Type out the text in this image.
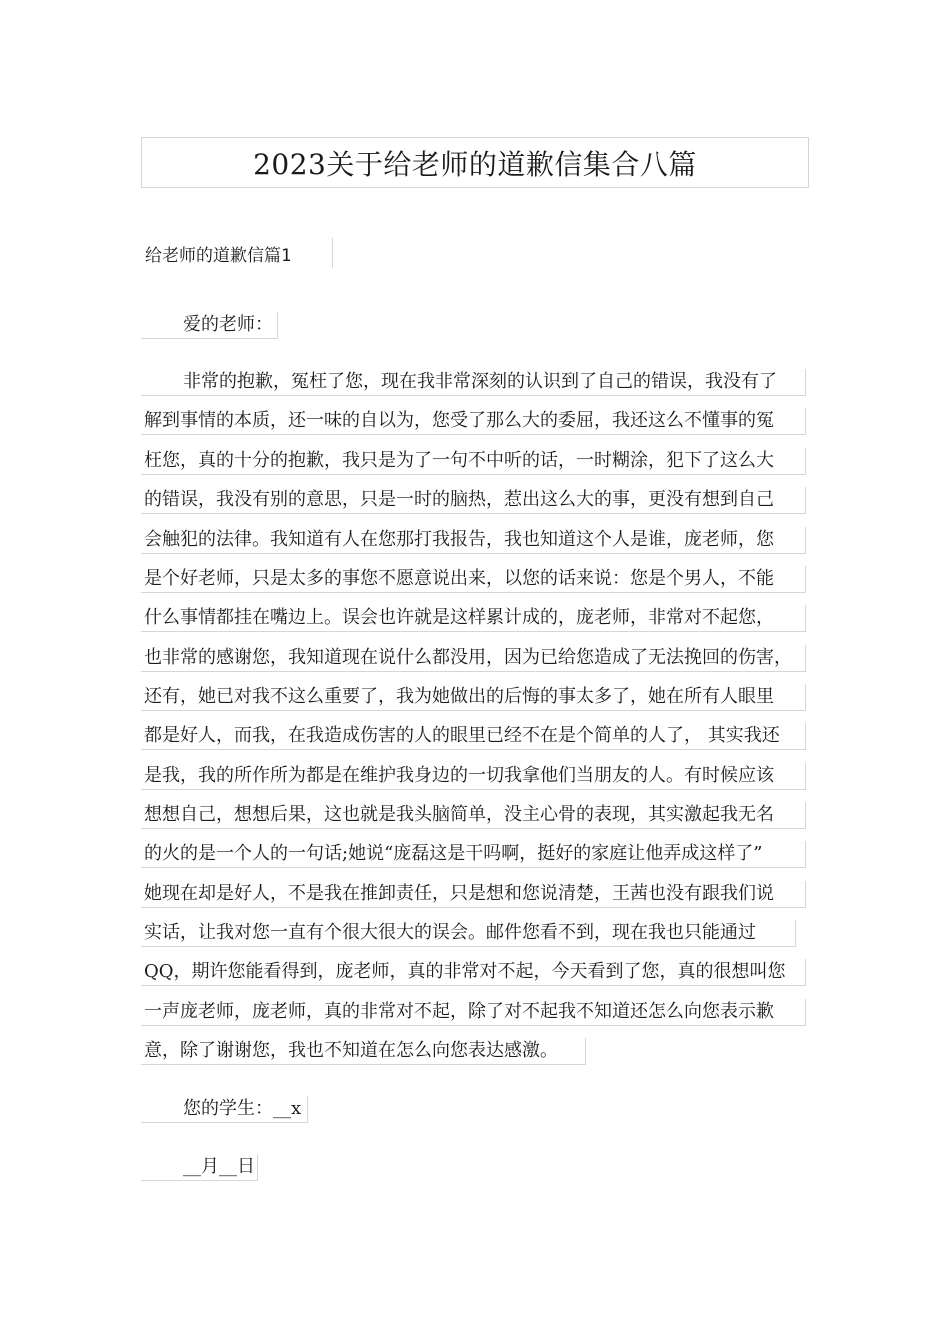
2023关于给老师的道歉信集合八篇
给老师的道歉信篇1
爱的老师：
非常的抱歉，冤枉了您，现在我非常深刻的认识到了自己的错误，我没有了
解到事情的本质，还一味的自以为，您受了那么大的委屈，我还这么不懂事的冤
枉您，真的十分的抱歉，我只是为了一句不中听的话，一时糊涂，犯下了这么大
的错误，我没有别的意思，只是一时的脑热，惹出这么大的事，更没有想到自己
会触犯的法律。我知道有人在您那打我报告，我也知道这个人是谁，庞老师，您
是个好老师，只是太多的事您不愿意说出来，以您的话来说：您是个男人，不能
什么事情都挂在嘴边上。误会也许就是这样累计成的，庞老师，非常对不起您，
也非常的感谢您，我知道现在说什么都没用，因为已给您造成了无法挽回的伤害，
还有，她已对我不这么重要了，我为她做出的后悔的事太多了，她在所有人眼里
都是好人，而我，在我造成伤害的人的眼里已经不在是个简单的人了， 其实我还
是我，我的所作所为都是在维护我身边的一切我拿他们当朋友的人。有时候应该
想想自己，想想后果，这也就是我头脑简单，没主心骨的表现，其实激起我无名
的火的是一个人的一句话;她说“庞磊这是干吗啊，挺好的家庭让他弄成这样了”
她现在却是好人，不是我在推卸责任，只是想和您说清楚，王茜也没有跟我们说
实话，让我对您一直有个很大很大的误会。邮件您看不到，现在我也只能通过
QQ，期许您能看得到，庞老师，真的非常对不起，今天看到了您，真的很想叫您
一声庞老师，庞老师，真的非常对不起，除了对不起我不知道还怎么向您表示歉
意，除了谢谢您，我也不知道在怎么向您表达感激。
您的学生：__x
__月__日
